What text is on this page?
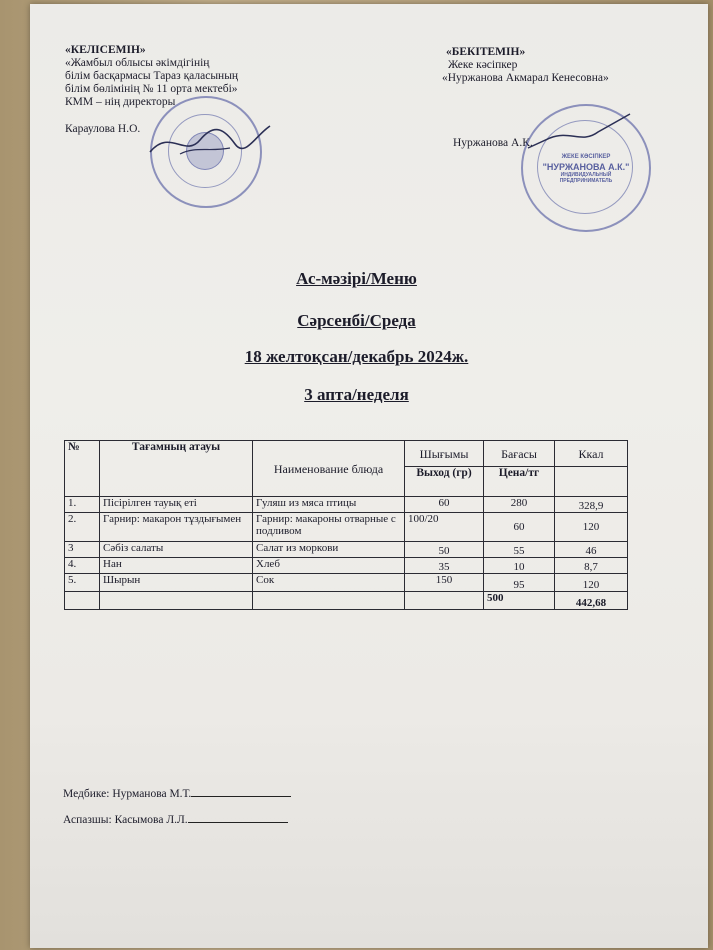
«КЕЛІСЕМІН»
«Жамбыл облысы әкімдігінің
білім басқармасы Тараз қаласының
білім бөлімінің № 11 орта мектебі»
КММ – нің директоры
Караулова Н.О.
«БЕКІТЕМІН»
Жеке кәсіпкер
«Нуржанова Акмарал Кенесовна»
Нуржанова А.К.
ЖЕКЕ КӘСІПКЕР
"НУРЖАНОВА А.К."
ИНДИВИДУАЛЬНЫЙ ПРЕДПРИНИМАТЕЛЬ
Ас-мәзірі/Меню
Сәрсенбі/Среда
18 желтоқсан/декабрь 2024ж.
3 апта/неделя
№	Тағамның атауы	Наименование блюда	Шығымы	Бағасы	Ккал
			Выход (гр)	Цена/тг	
1.	Пісірілген тауық еті	Гуляш из мяса птицы	60	280	328,9
2.	Гарнир: макарон тұздығымен	Гарнир: макароны отварные с подливом	100/20	60	120
3	Сәбіз салаты	Салат из моркови	50	55	46
4.	Нан	Хлеб	35	10	8,7
5.	Шырын	Сок	150	95	120
				500	442,68
Медбике: Нурманова М.Т.
Аспазшы: Касымова Л.Л.
